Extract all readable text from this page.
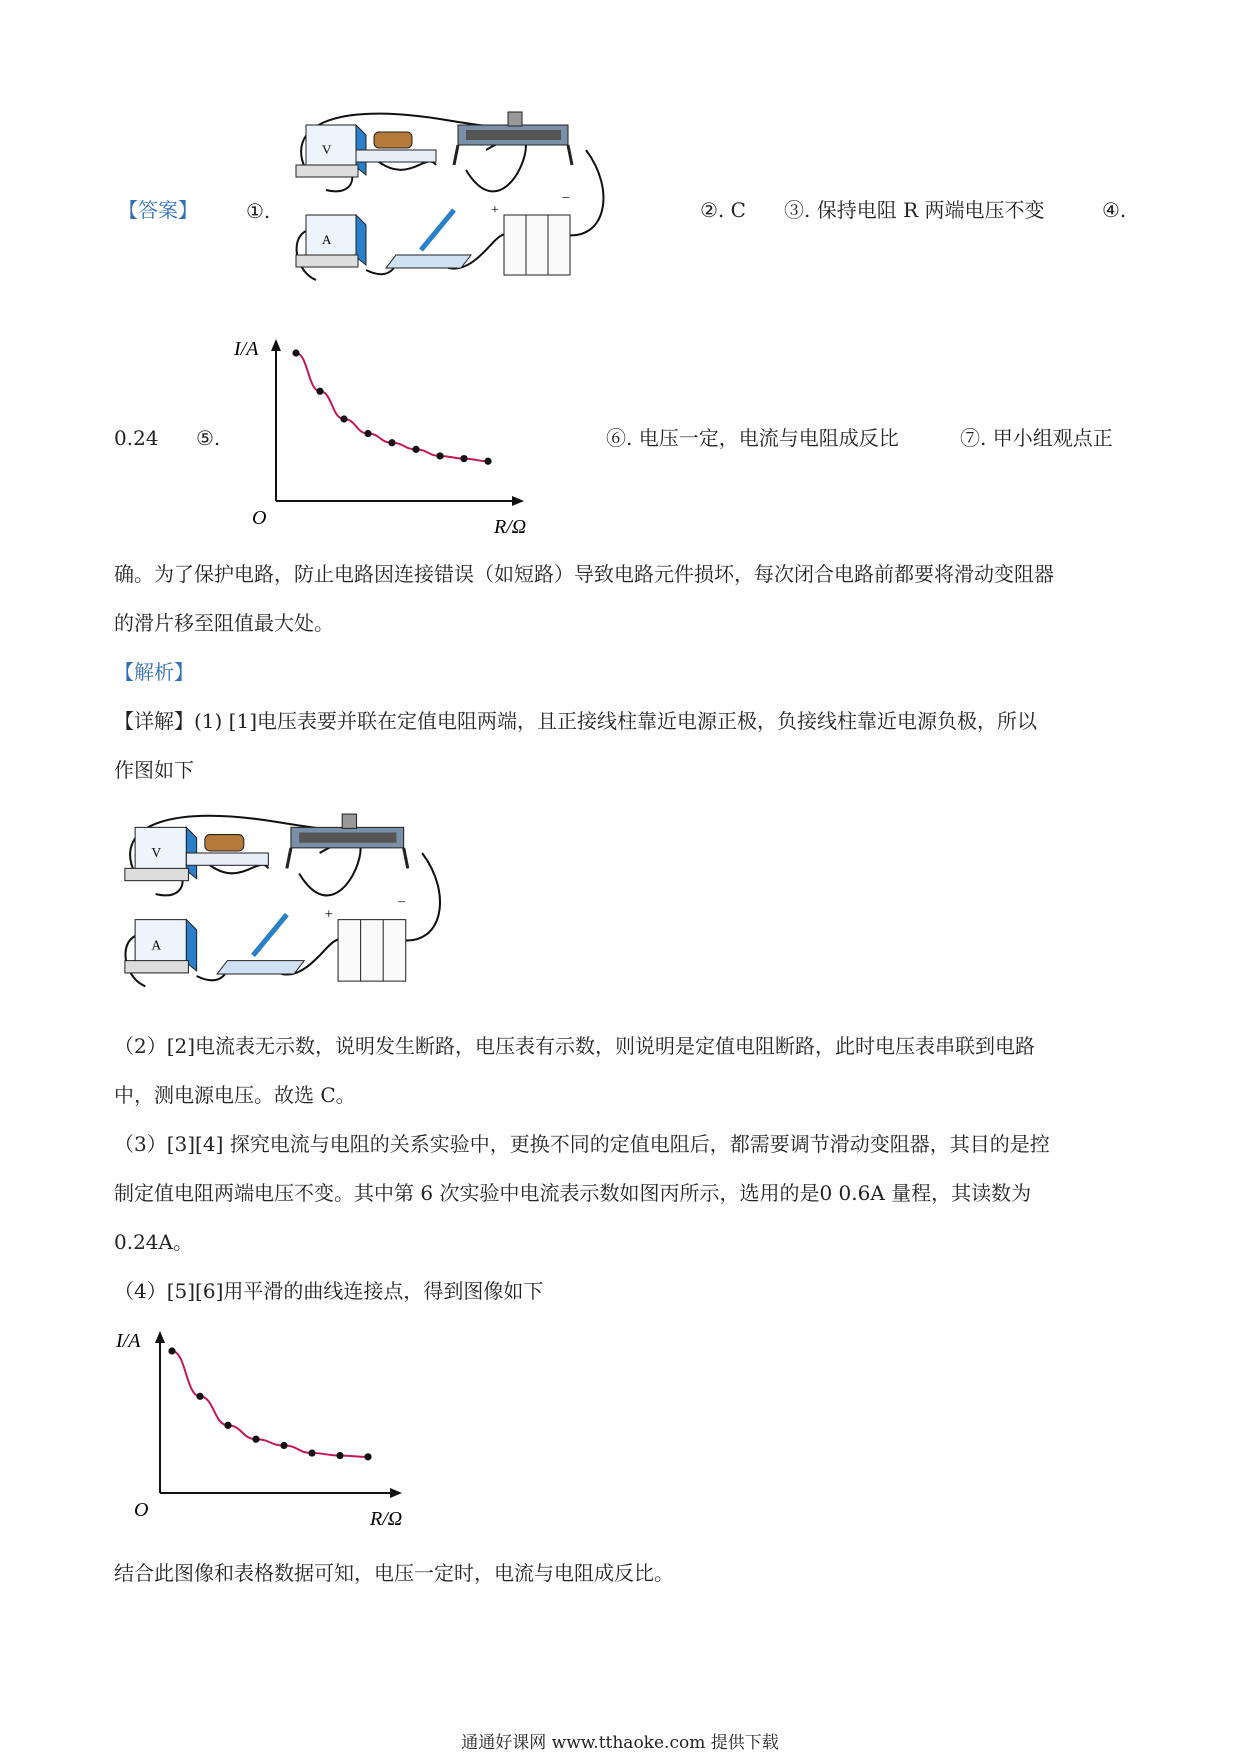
【答案】 ①.
V
A
+
−	②. C ③. 保持电阻 R 两端电压不变	④.
0.24 ⑤.
I/A
O	R/Ω
⑥. 电压一定，电流与电阻成反比	⑦. 甲小组观点正
确。为了保护电路，防止电路因连接错误（如短路）导致电路元件损坏，每次闭合电路前都要将滑动变阻器
的滑片移至阻值最大处。
【解析】
【详解】(1) [1]电压表要并联在定值电阻两端，且正接线柱靠近电源正极，负接线柱靠近电源负极，所以
作图如下
V
A
+
−
（2）[2]电流表无示数，说明发生断路，电压表有示数，则说明是定值电阻断路，此时电压表串联到电路
中，测电源电压。故选 C。
（3）[3][4] 探究电流与电阻的关系实验中，更换不同的定值电阻后，都需要调节滑动变阻器，其目的是控
制定值电阻两端电压不变。其中第 6 次实验中电流表示数如图丙所示，选用的是0 0.6A 量程，其读数为
0.24A。
（4）[5][6]用平滑的曲线连接点，得到图像如下
I/A
O	R/Ω
结合此图像和表格数据可知，电压一定时，电流与电阻成反比。
通通好课网 www.tthaoke.com 提供下载
